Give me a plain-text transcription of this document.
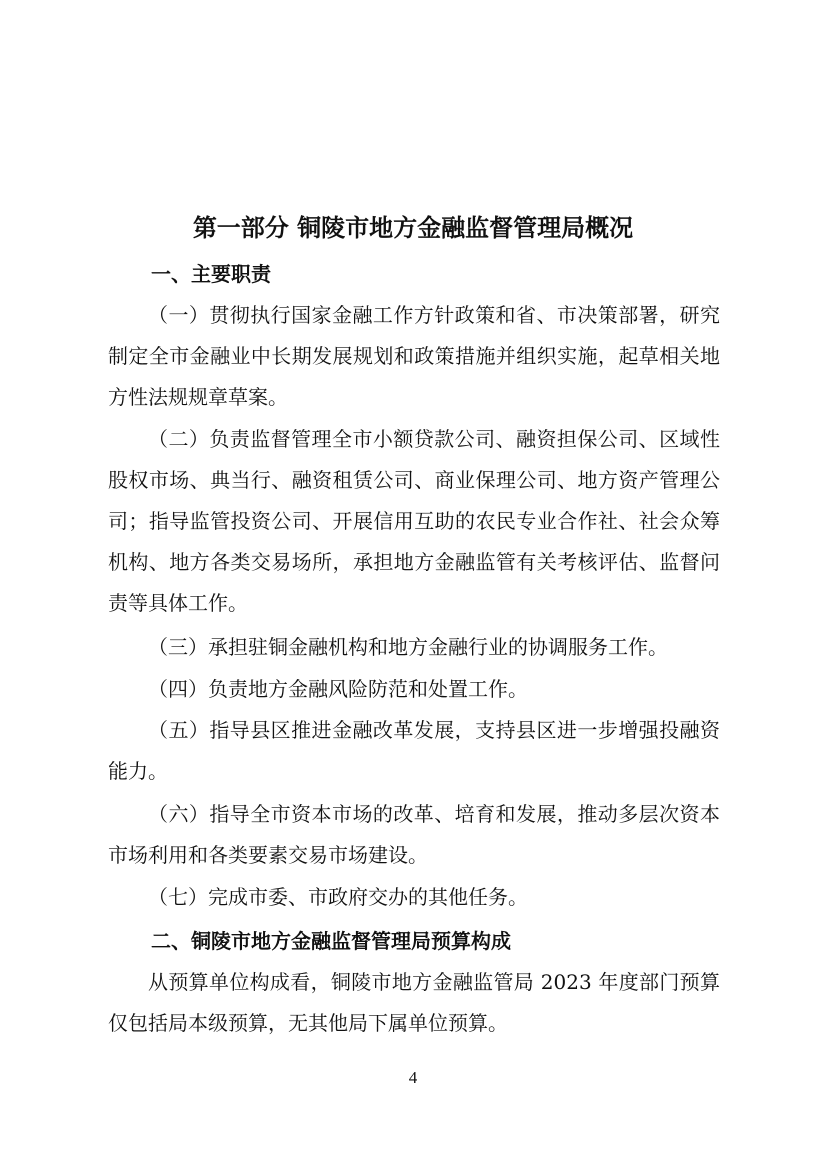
第一部分 铜陵市地方金融监督管理局概况
一、主要职责

（一）贯彻执行国家金融工作方针政策和省、市决策部署，研究制定全市金融业中长期发展规划和政策措施并组织实施，起草相关地方性法规规章草案。

（二）负责监督管理全市小额贷款公司、融资担保公司、区域性股权市场、典当行、融资租赁公司、商业保理公司、地方资产管理公司；指导监管投资公司、开展信用互助的农民专业合作社、社会众筹机构、地方各类交易场所，承担地方金融监管有关考核评估、监督问责等具体工作。

（三）承担驻铜金融机构和地方金融行业的协调服务工作。

（四）负责地方金融风险防范和处置工作。

（五）指导县区推进金融改革发展，支持县区进一步增强投融资能力。

（六）指导全市资本市场的改革、培育和发展，推动多层次资本市场利用和各类要素交易市场建设。

（七）完成市委、市政府交办的其他任务。

二、铜陵市地方金融监督管理局预算构成

从预算单位构成看，铜陵市地方金融监管局 2023 年度部门预算仅包括局本级预算，无其他局下属单位预算。

4
